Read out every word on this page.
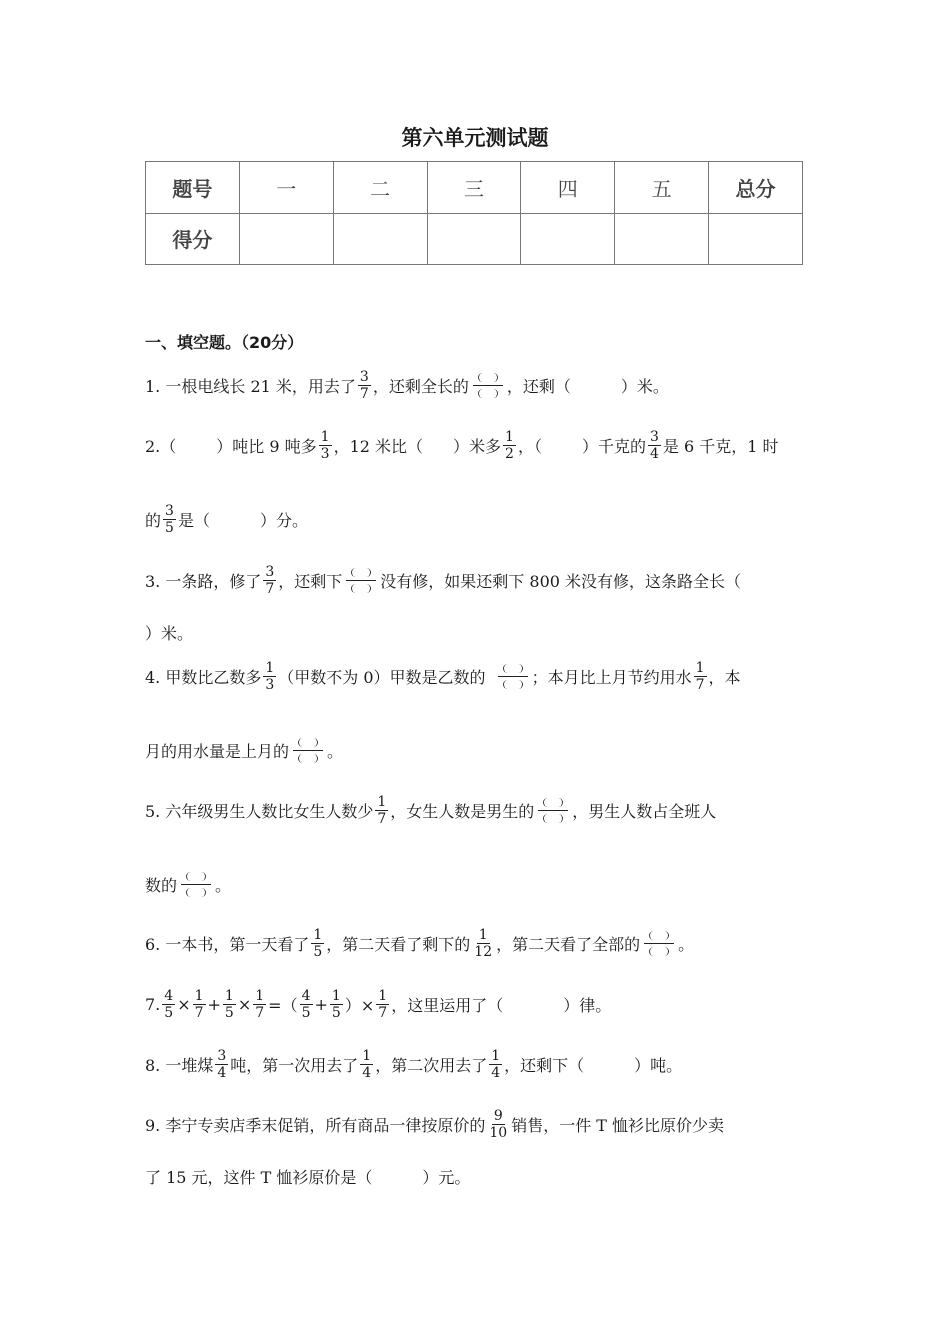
第六单元测试题
题号	一	二	三	四	五	总分
得分						
一、填空题。（20分）
1. 一根电线长 21 米，用去了 $\frac{3}{7}$ ，还剩全长的 ，还剩（	）米。
2.（	）吨比 9 吨多 $\frac{1}{3}$ ，12 米比（ ）米多 $\frac{1}{2}$ ，（	）千克的 $\frac{3}{4}$ 是 6 千克，1 时
的 $\frac{3}{5}$ 是（	）分。
3. 一条路，修了 $\frac{3}{7}$ ，还剩下 没有修，如果还剩下 800 米没有修，这条路全长（
）米。
4. 甲数比乙数多 $\frac{1}{3}$ （甲数不为 0）甲数是乙数的	；本月比上月节约用水 $\frac{1}{7}$ ，本
月的用水量是上月的 。
5. 六年级男生人数比女生人数少 $\frac{1}{7}$ ，女生人数是男生的 ，男生人数占全班人
数的 。
6. 一本书，第一天看了 $\frac{1}{5}$ ，第二天看了剩下的 $\frac{1}{12}$ ，第二天看了全部的 。
7. $\frac{4}{5} \times \frac{1}{7} + \frac{1}{5} \times \frac{1}{7}$ =（ $\frac{4}{5} + \frac{1}{5}$ ）× $\frac{1}{7}$ ，这里运用了（	）律。
8. 一堆煤 $\frac{3}{4}$ 吨，第一次用去了 $\frac{1}{4}$ ，第二次用去了 $\frac{1}{4}$ ，还剩下（	）吨。
9. 李宁专卖店季末促销，所有商品一律按原价的 $\frac{9}{10}$ 销售，一件 T 恤衫比原价少卖
了 15 元，这件 T 恤衫原价是（	）元。
